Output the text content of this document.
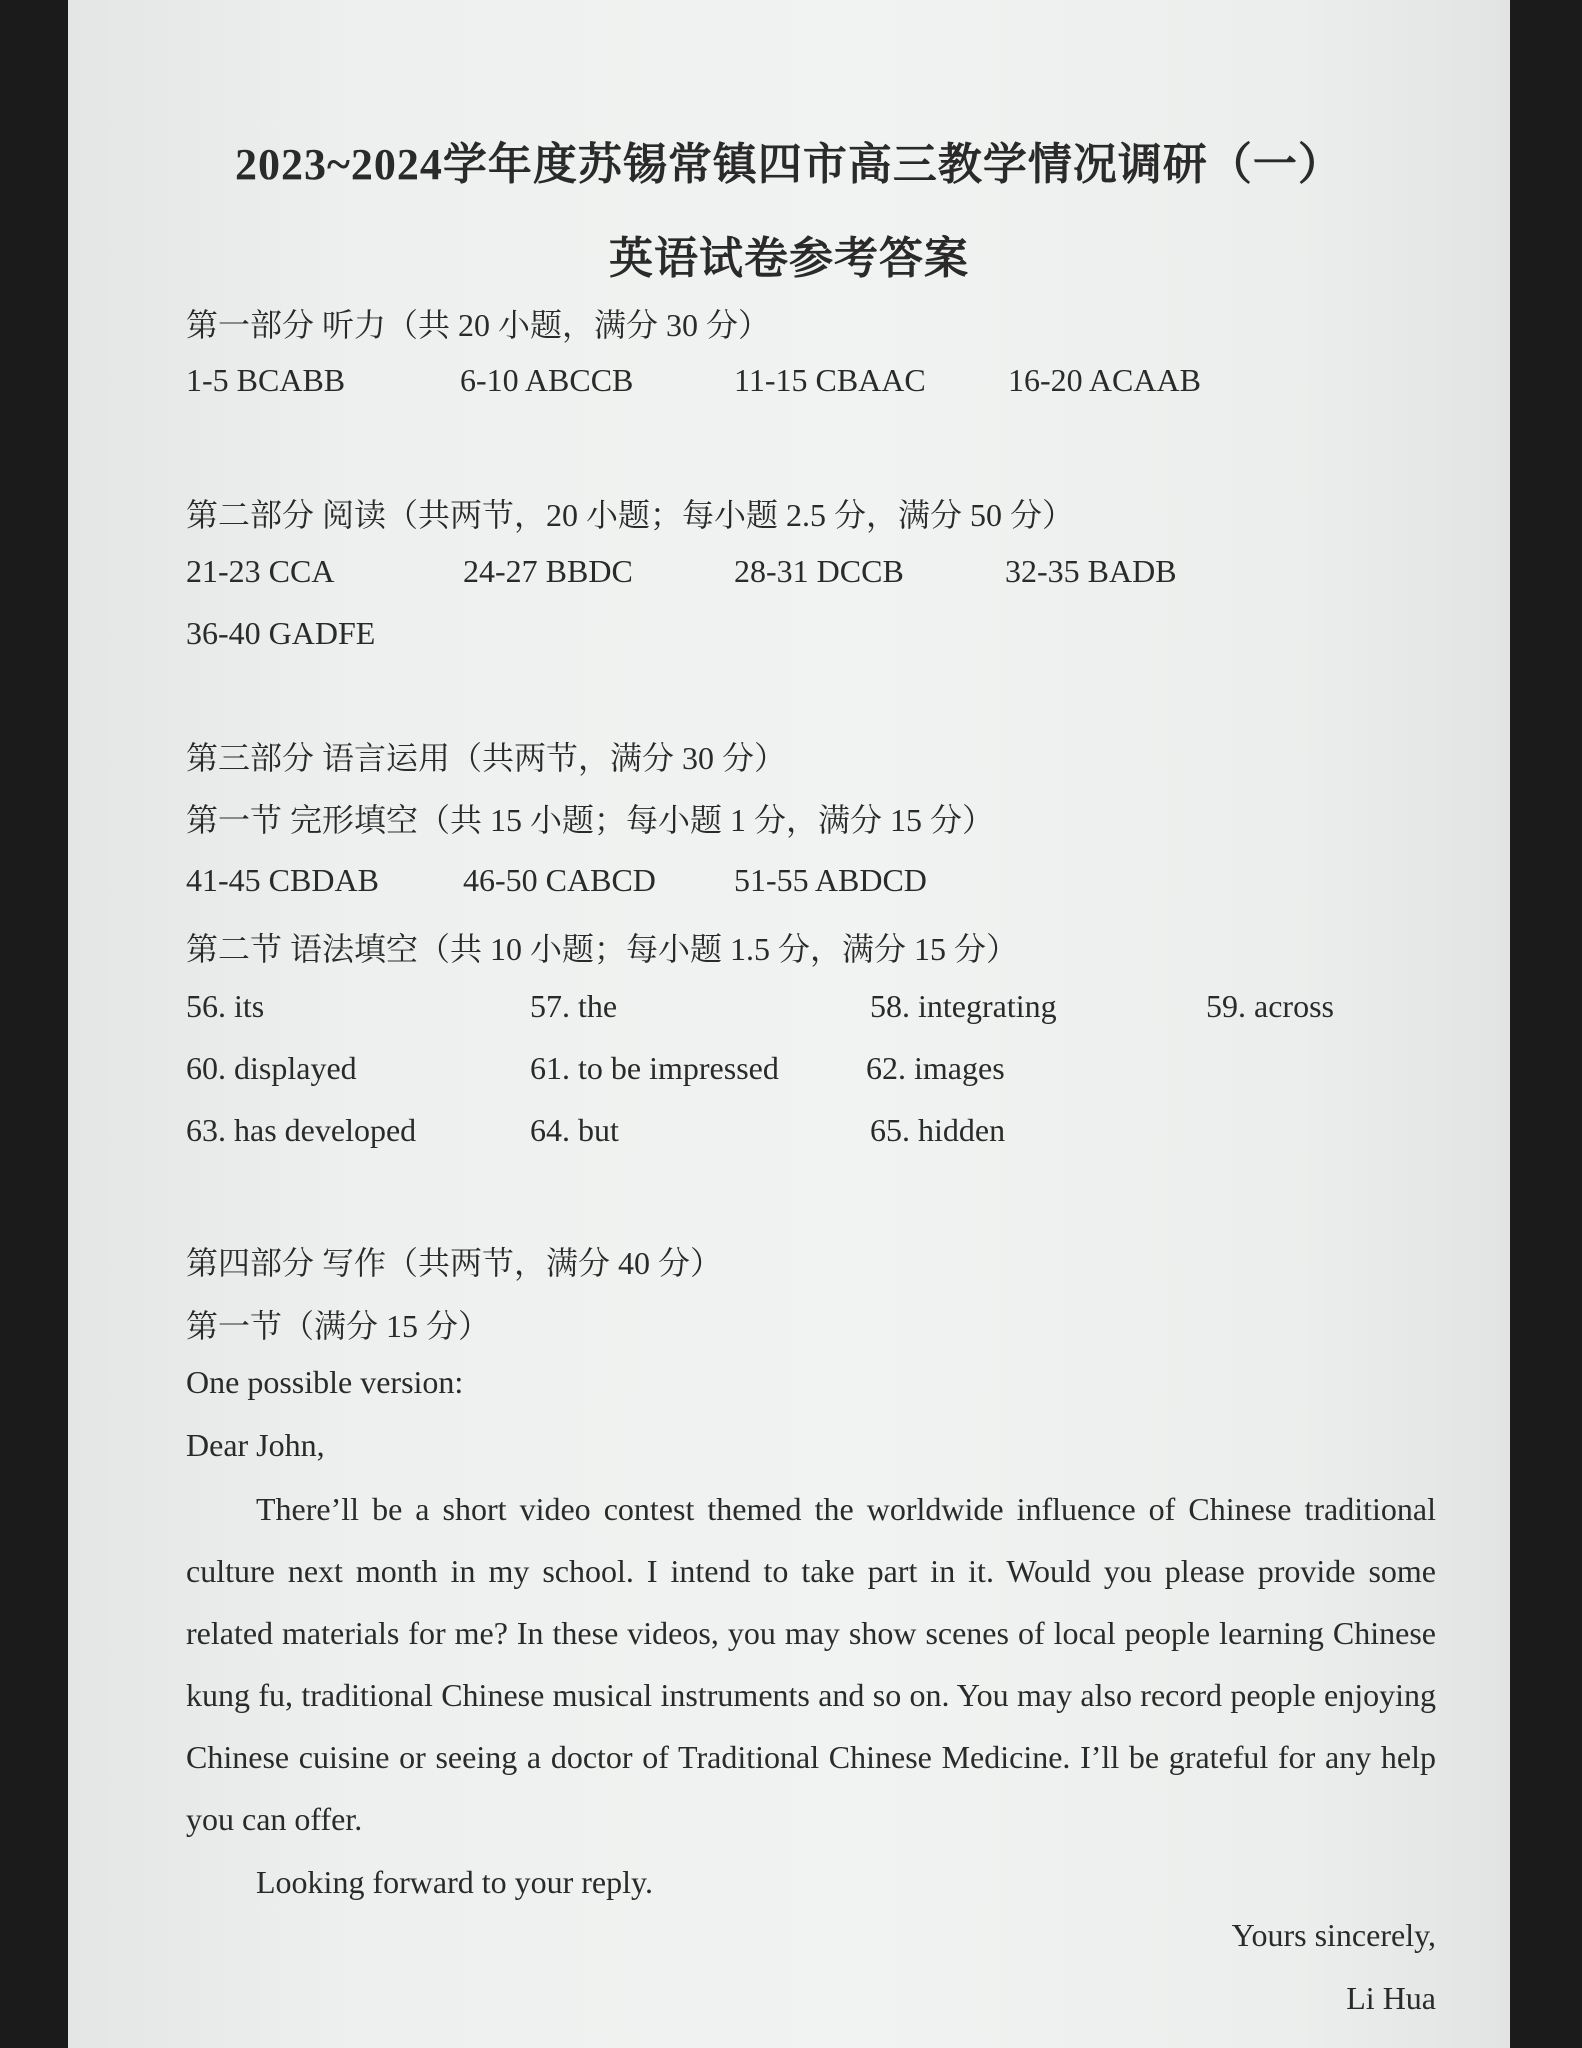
2023~2024学年度苏锡常镇四市高三教学情况调研（一）
英语试卷参考答案
第一部分 听力（共 20 小题，满分 30 分）
1-5 BCABB	6-10 ABCCB	11-15 CBAAC	16-20 ACAAB
第二部分 阅读（共两节，20 小题；每小题 2.5 分，满分 50 分）
21-23 CCA	24-27 BBDC	28-31 DCCB	32-35 BADB
36-40 GADFE
第三部分 语言运用（共两节，满分 30 分）
第一节 完形填空（共 15 小题；每小题 1 分，满分 15 分）
41-45 CBDAB	46-50 CABCD 51-55 ABDCD
第二节 语法填空（共 10 小题；每小题 1.5 分，满分 15 分）
56. its	57. the	58. integrating	59. across
60. displayed	61. to be impressed	62. images
63. has developed	64. but	65. hidden
第四部分 写作（共两节，满分 40 分）
第一节（满分 15 分）
One possible version:
Dear John,
There’ll be a short video contest themed the worldwide influence of Chinese traditional culture next month in my school. I intend to take part in it. Would you please provide some related materials for me? In these videos, you may show scenes of local people learning Chinese kung fu, traditional Chinese musical instruments and so on. You may also record people enjoying Chinese cuisine or seeing a doctor of Traditional Chinese Medicine. I’ll be grateful for any help you can offer.
Looking forward to your reply.
Yours sincerely,
Li Hua
